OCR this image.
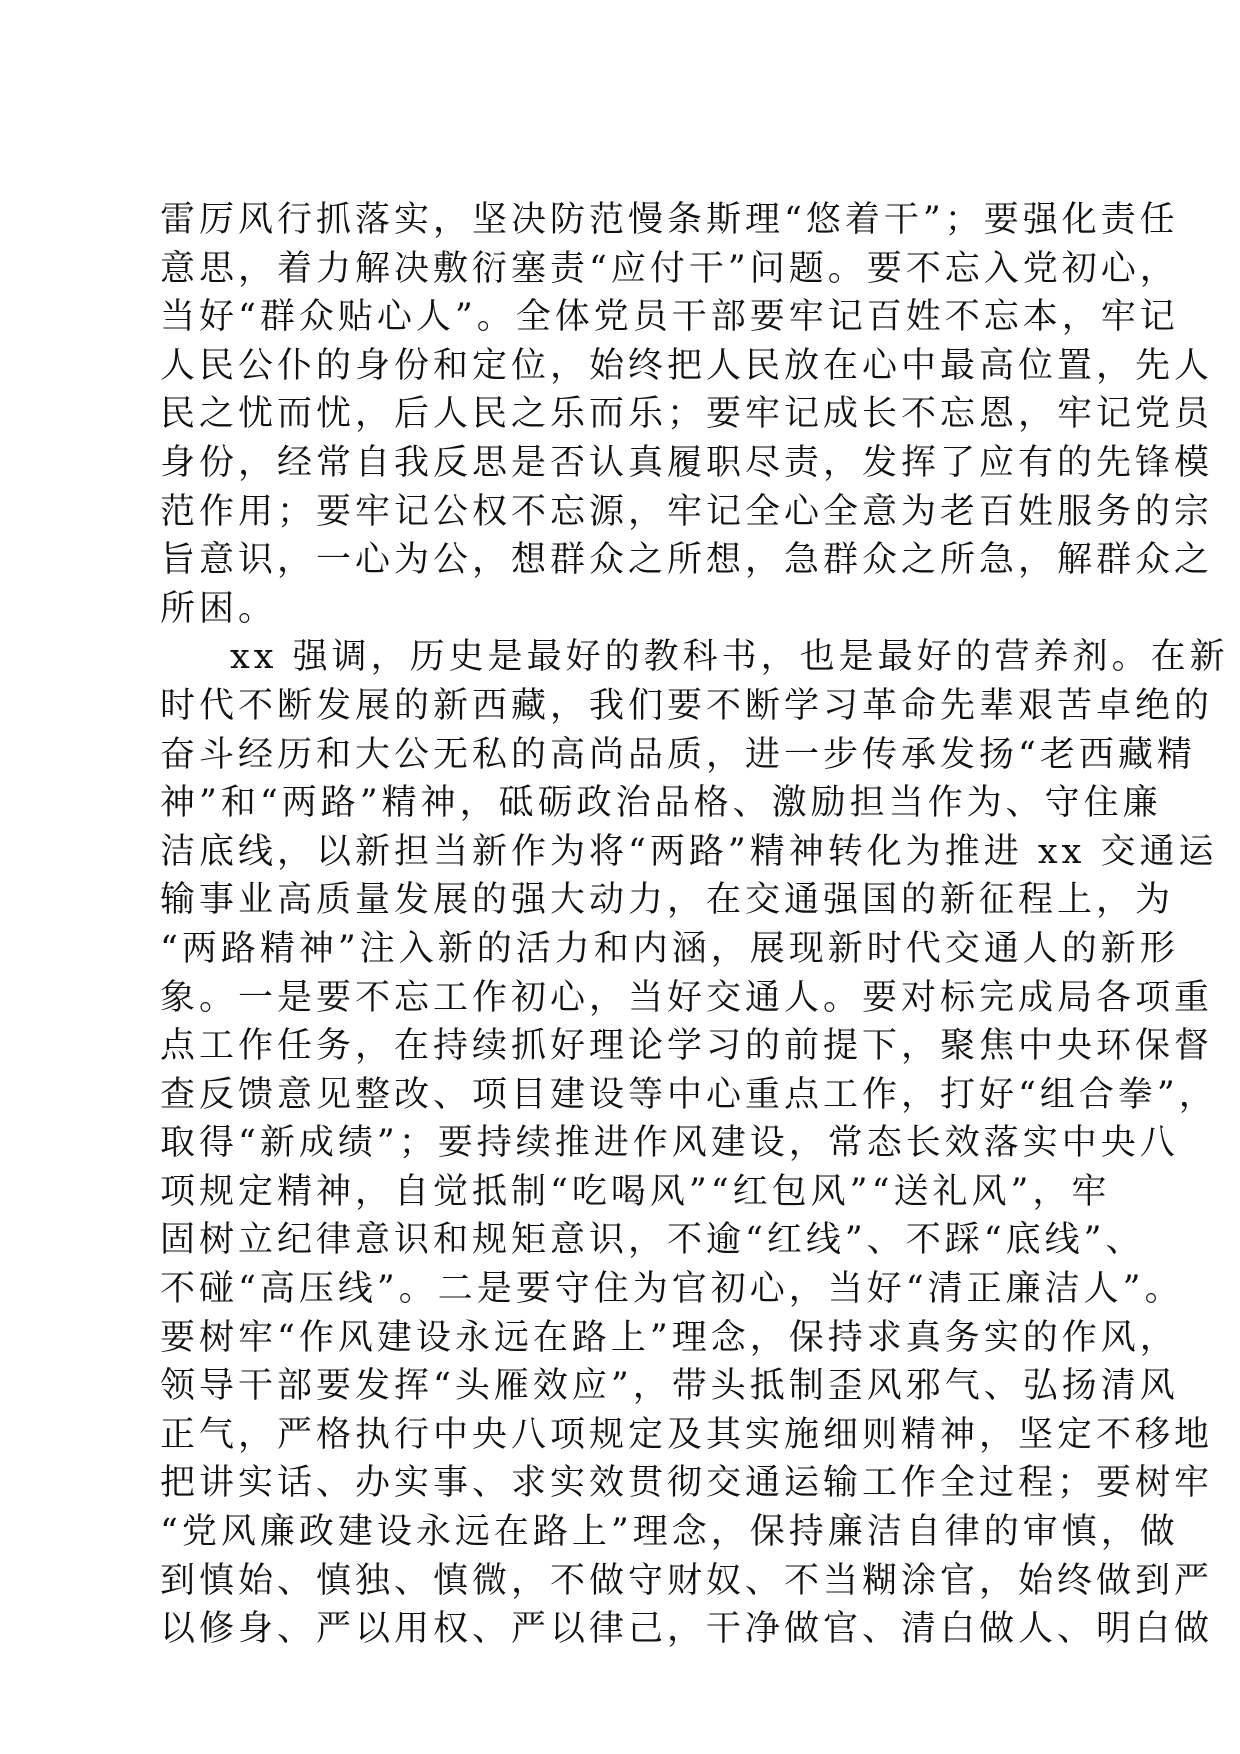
雷厉风行抓落实，坚决防范慢条斯理“悠着干”；要强化责任
意思，着力解决敷衍塞责“应付干”问题。要不忘入党初心，
当好“群众贴心人”。全体党员干部要牢记百姓不忘本，牢记
人民公仆的身份和定位，始终把人民放在心中最高位置，先人
民之忧而忧，后人民之乐而乐；要牢记成长不忘恩，牢记党员
身份，经常自我反思是否认真履职尽责，发挥了应有的先锋模
范作用；要牢记公权不忘源，牢记全心全意为老百姓服务的宗
旨意识，一心为公，想群众之所想，急群众之所急，解群众之
所困。
xx 强调，历史是最好的教科书，也是最好的营养剂。在新
时代不断发展的新西藏，我们要不断学习革命先辈艰苦卓绝的
奋斗经历和大公无私的高尚品质，进一步传承发扬“老西藏精
神”和“两路”精神，砥砺政治品格、激励担当作为、守住廉
洁底线，以新担当新作为将“两路”精神转化为推进 xx 交通运
输事业高质量发展的强大动力，在交通强国的新征程上，为
“两路精神”注入新的活力和内涵，展现新时代交通人的新形
象。一是要不忘工作初心，当好交通人。要对标完成局各项重
点工作任务，在持续抓好理论学习的前提下，聚焦中央环保督
查反馈意见整改、项目建设等中心重点工作，打好“组合拳”，
取得“新成绩”；要持续推进作风建设，常态长效落实中央八
项规定精神，自觉抵制“吃喝风”“红包风”“送礼风”，牢
固树立纪律意识和规矩意识，不逾“红线”、不踩“底线”、
不碰“高压线”。二是要守住为官初心，当好“清正廉洁人”。
要树牢“作风建设永远在路上”理念，保持求真务实的作风，
领导干部要发挥“头雁效应”，带头抵制歪风邪气、弘扬清风
正气，严格执行中央八项规定及其实施细则精神，坚定不移地
把讲实话、办实事、求实效贯彻交通运输工作全过程；要树牢
“党风廉政建设永远在路上”理念，保持廉洁自律的审慎，做
到慎始、慎独、慎微，不做守财奴、不当糊涂官，始终做到严
以修身、严以用权、严以律己，干净做官、清白做人、明白做
